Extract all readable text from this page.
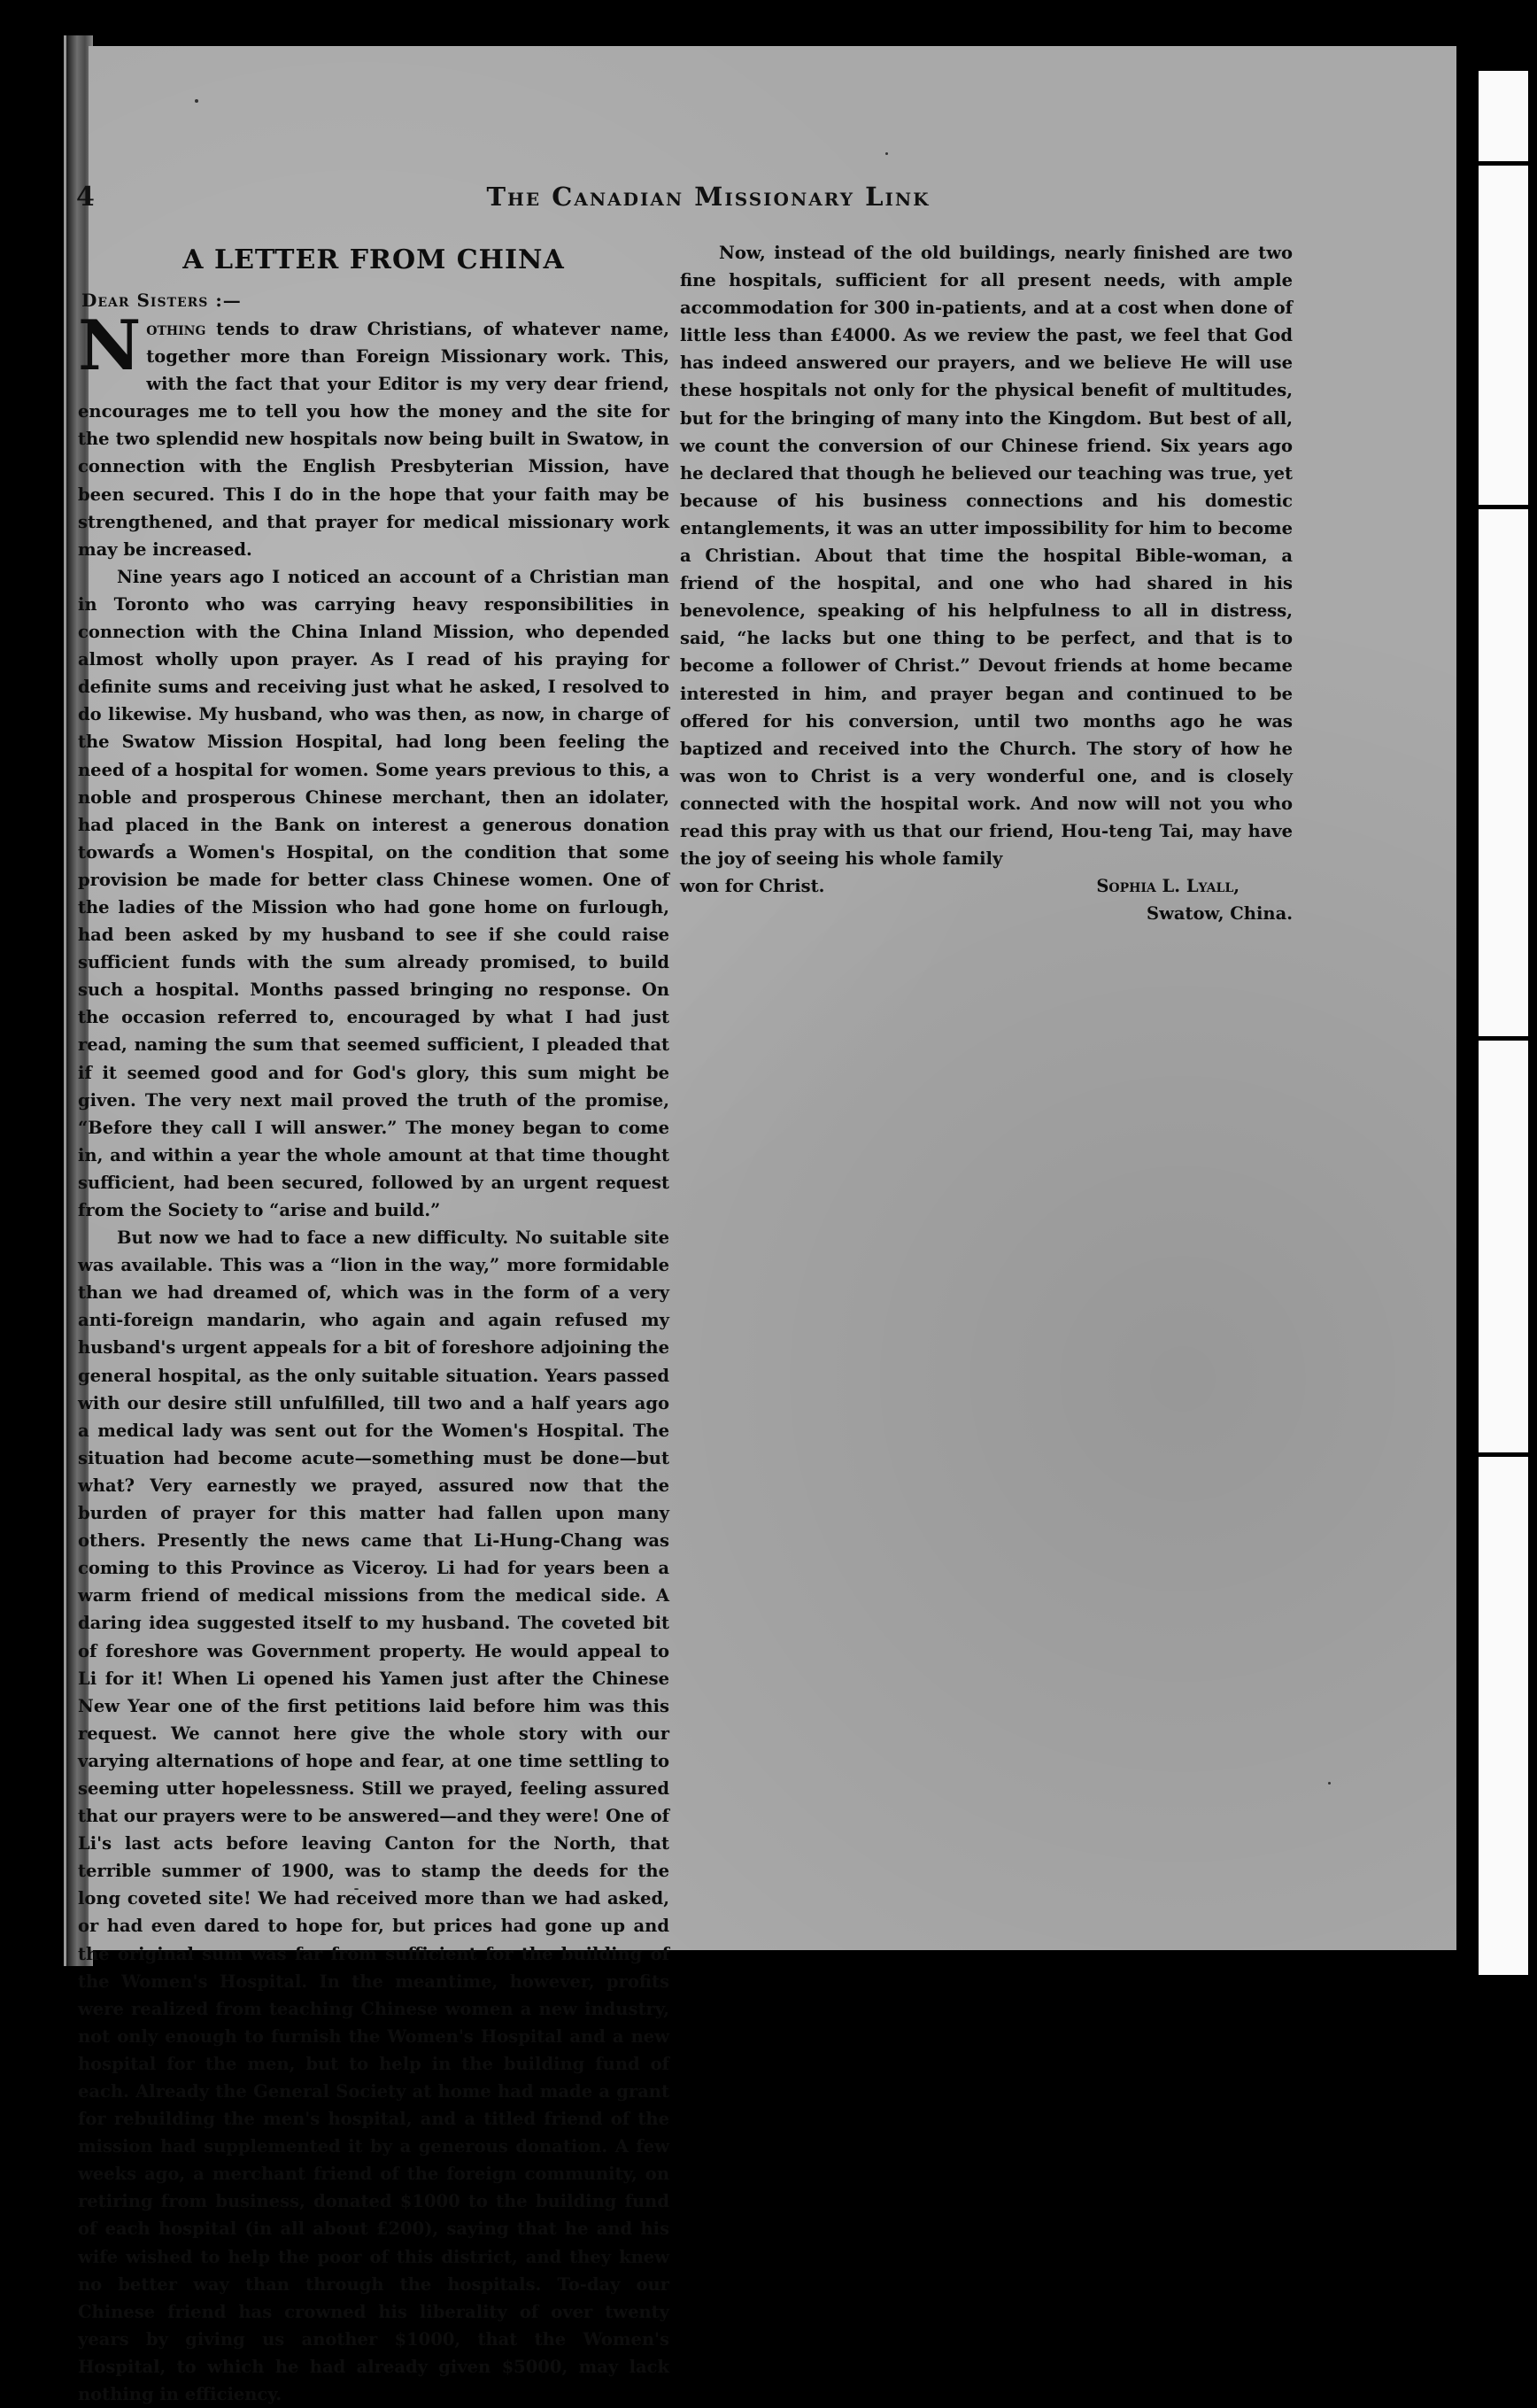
4	The Canadian Missionary Link
A LETTER FROM CHINA
Dear Sisters :—

Nothing tends to draw Christians, of whatever name, together more than Foreign Missionary work. This, with the fact that your Editor is my very dear friend, encourages me to tell you how the money and the site for the two splendid new hospitals now being built in Swatow, in connection with the English Presbyterian Mission, have been secured. This I do in the hope that your faith may be strengthened, and that prayer for medical missionary work may be increased.

Nine years ago I noticed an account of a Christian man in Toronto who was carrying heavy responsibilities in connection with the China Inland Mission, who depended almost wholly upon prayer. As I read of his praying for definite sums and receiving just what he asked, I resolved to do likewise. My husband, who was then, as now, in charge of the Swatow Mission Hospital, had long been feeling the need of a hospital for women. Some years previous to this, a noble and prosperous Chinese merchant, then an idolater, had placed in the Bank on interest a generous donation towards a Women's Hospital, on the condition that some provision be made for better class Chinese women. One of the ladies of the Mission who had gone home on furlough, had been asked by my husband to see if she could raise sufficient funds with the sum already promised, to build such a hospital. Months passed bringing no response. On the occasion referred to, encouraged by what I had just read, naming the sum that seemed sufficient, I pleaded that if it seemed good and for God's glory, this sum might be given. The very next mail proved the truth of the promise, “Before they call I will answer.” The money began to come in, and within a year the whole amount at that time thought sufficient, had been secured, followed by an urgent request from the Society to “arise and build.”

But now we had to face a new difficulty. No suitable site was available. This was a “lion in the way,” more formidable than we had dreamed of, which was in the form of a very anti-foreign mandarin, who again and again refused my husband's urgent appeals for a bit of foreshore adjoining the general hospital, as the only suitable situation. Years passed with our desire still unfulfilled, till two and a half years ago a medical lady was sent out for the Women's Hospital. The situation had become acute—something must be done—but what? Very earnestly we prayed, assured now that the burden of prayer for this matter had fallen upon many others. Presently the news came that Li-Hung-Chang was coming to this Province as Viceroy. Li had for years been a warm friend of medical missions from the medical side. A daring idea suggested itself to my husband. The coveted bit of foreshore was Government property. He would appeal to Li for it! When Li opened his Yamen just after the Chinese New Year one of the first petitions laid before him was this request. We cannot here give the whole story with our varying alternations of hope and fear, at one time settling to seeming utter hopelessness. Still we prayed, feeling assured that our prayers were to be answered—and they were! One of Li's last acts before leaving Canton for the North, that terrible summer of 1900, was to stamp the deeds for the long coveted site! We had received more than we had asked, or had even dared to hope for, but prices had gone up and the original sum was far from sufficient for the building of the Women's Hospital. In the meantime, however, profits were realized from teaching Chinese women a new industry, not only enough to furnish the Women's Hospital and a new hospital for the men, but to help in the building fund of each. Already the General Society at home had made a grant for rebuilding the men's hospital, and a titled friend of the mission had supplemented it by a generous donation. A few weeks ago, a merchant friend of the foreign community, on retiring from business, donated $1000 to the building fund of each hospital (in all about £200), saying that he and his wife wished to help the poor of this district, and they knew no better way than through the hospitals. To-day our Chinese friend has crowned his liberality of over twenty years by giving us another $1000, that the Women's Hospital, to which he had already given $5000, may lack nothing in efficiency.

Now, instead of the old buildings, nearly finished are two fine hospitals, sufficient for all present needs, with ample accommodation for 300 in-patients, and at a cost when done of little less than £4000. As we review the past, we feel that God has indeed answered our prayers, and we believe He will use these hospitals not only for the physical benefit of multitudes, but for the bringing of many into the Kingdom. But best of all, we count the conversion of our Chinese friend. Six years ago he declared that though he believed our teaching was true, yet because of his business connections and his domestic entanglements, it was an utter impossibility for him to become a Christian. About that time the hospital Bible-woman, a friend of the hospital, and one who had shared in his benevolence, speaking of his helpfulness to all in distress, said, “he lacks but one thing to be perfect, and that is to become a follower of Christ.” Devout friends at home became interested in him, and prayer began and continued to be offered for his conversion, until two months ago he was baptized and received into the Church. The story of how he was won to Christ is a very wonderful one, and is closely connected with the hospital work. And now will not you who read this pray with us that our friend, Hou-teng Tai, may have the joy of seeing his whole family

won for Christ.	Sophia L. Lyall,

Swatow, China.
